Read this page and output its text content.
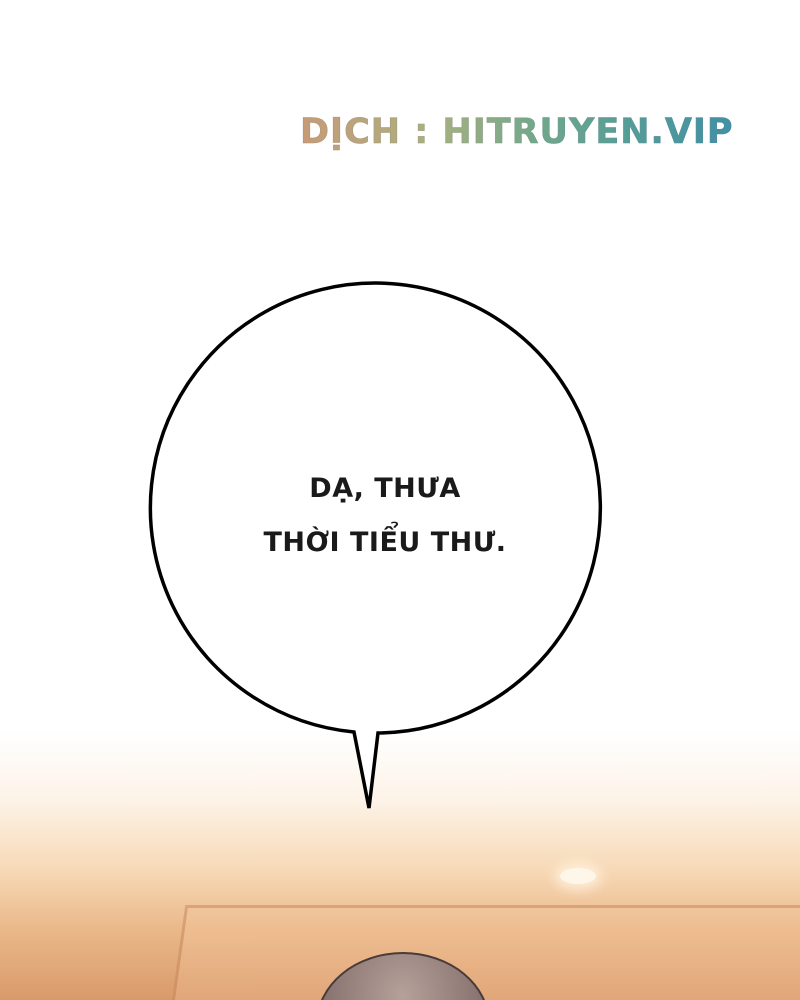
DỊCH : HITRUYEN.VIP
DẠ, THƯA
THỜI TIỂU THƯ.
